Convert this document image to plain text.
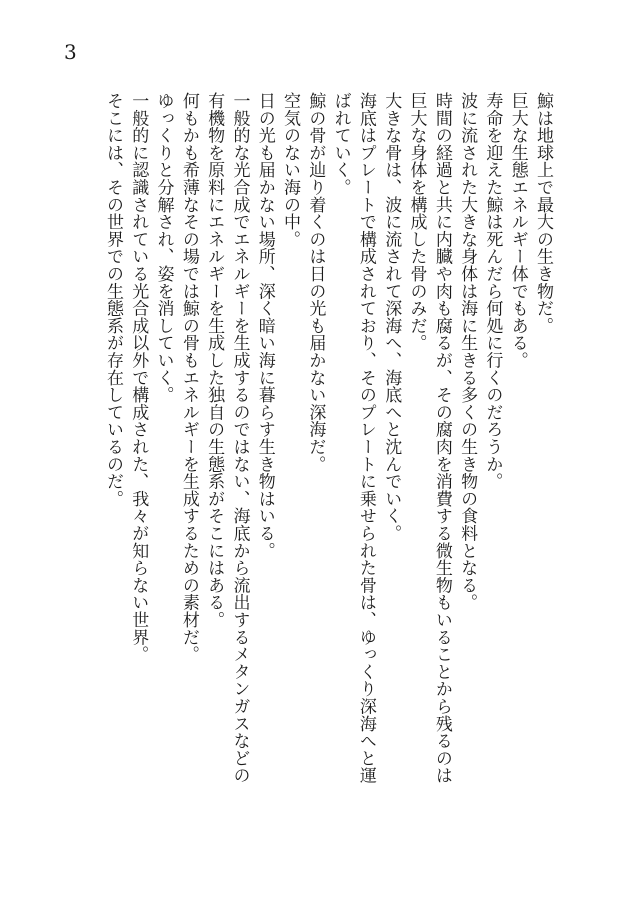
3
鯨は地球上で最大の生き物だ。
巨大な生態エネルギー体でもある。
寿命を迎えた鯨は死んだら何処に行くのだろうか。
波に流された大きな身体は海に生きる多くの生き物の食料となる。
時間の経過と共に内臓や肉も腐るが、その腐肉を消費する微生物もいることから残るのは
巨大な身体を構成した骨のみだ。
大きな骨は、波に流されて深海へ、海底へと沈んでいく。
海底はプレートで構成されており、そのプレートに乗せられた骨は、ゆっくり深海へと運
ばれていく。
鯨の骨が辿り着くのは日の光も届かない深海だ。
空気のない海の中。
日の光も届かない場所、深く暗い海に暮らす生き物はいる。
一般的な光合成でエネルギーを生成するのではない、海底から流出するメタンガスなどの
有機物を原料にエネルギーを生成した独自の生態系がそこにはある。
何もかも希薄なその場では鯨の骨もエネルギーを生成するための素材だ。
ゆっくりと分解され、姿を消していく。
一般的に認識されている光合成以外で構成された、我々が知らない世界。
そこには、その世界での生態系が存在しているのだ。
